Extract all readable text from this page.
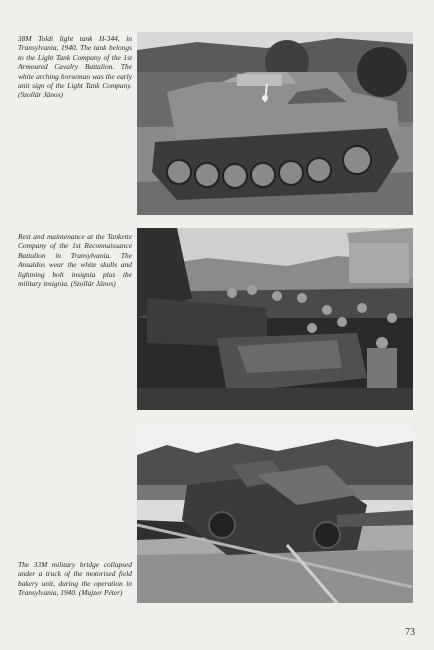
38M Toldi light tank H-344, in Transylvania, 1940. The tank belongs to the Light Tank Company of the 1st Armoured Cavalry Battalion. The white arching horseman was the early unit sign of the Light Tank Company. (Szollár János)

Rest and maintenance at the Tankette Company of the 1st Reconnaissance Battalion in Transylvania. The Ansaldos wear the white skulls and lightning bolt insignia plus the military insignia. (Szollár János)

The 33M military bridge collapsed under a truck of the motorised field bakery unit, during the operation in Transylvania, 1940. (Mujzer Péter)

73
